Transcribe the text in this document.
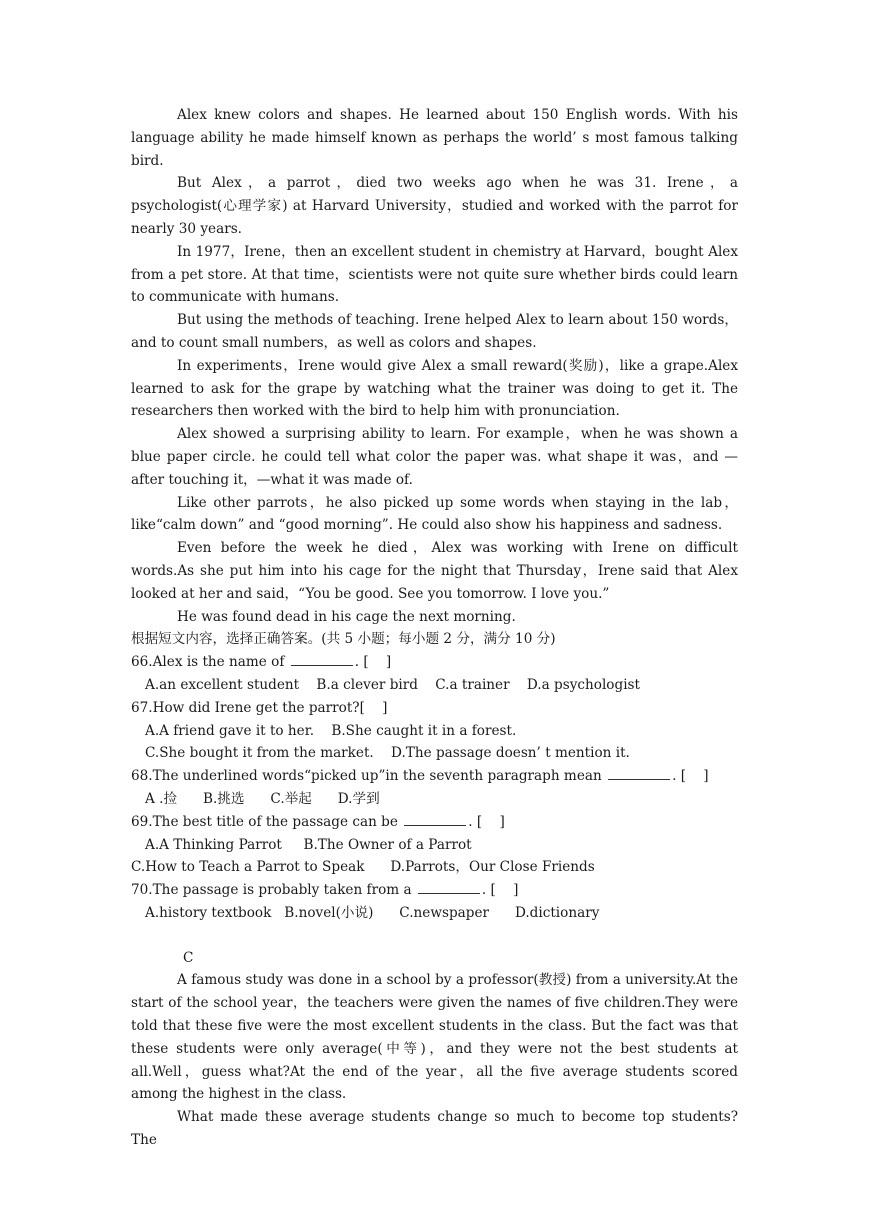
Alex knew colors and shapes. He learned about 150 English words. With his language ability he made himself known as perhaps the world’ s most famous talking bird.

But Alex，a parrot，died two weeks ago when he was 31. Irene，a psychologist(心理学家) at Harvard University，studied and worked with the parrot for nearly 30 years.

In 1977，Irene，then an excellent student in chemistry at Harvard，bought Alex from a pet store. At that time，scientists were not quite sure whether birds could learn to communicate with humans.

But using the methods of teaching. Irene helped Alex to learn about 150 words，and to count small numbers，as well as colors and shapes.

In experiments，Irene would give Alex a small reward(奖励)，like a grape.Alex learned to ask for the grape by watching what the trainer was doing to get it. The researchers then worked with the bird to help him with pronunciation.

Alex showed a surprising ability to learn. For example，when he was shown a blue paper circle. he could tell what color the paper was. what shape it was，and —after touching it，—what it was made of.

Like other parrots，he also picked up some words when staying in the lab，like“calm down” and “good morning”. He could also show his happiness and sadness.

Even before the week he died，Alex was working with Irene on difficult words.As she put him into his cage for the night that Thursday，Irene said that Alex looked at her and said，“You be good. See you tomorrow. I love you.”

He was found dead in his cage the next morning.

根据短文内容，选择正确答案。(共 5 小题；每小题 2 分，满分 10 分)

66.Alex is the name of	. [    ]

A.an excellent student    B.a clever bird    C.a trainer    D.a psychologist

67.How did Irene get the parrot?[    ]

A.A friend gave it to her.    B.She caught it in a forest.

C.She bought it from the market.    D.The passage doesn’ t mention it.

68.The underlined words“picked up”in the seventh paragraph mean	. [    ]

A .捡      B.挑选      C.举起      D.学到

69.The best title of the passage can be	. [    ]

A.A Thinking Parrot     B.The Owner of a Parrot

C.How to Teach a Parrot to Speak      D.Parrots，Our Close Friends

70.The passage is probably taken from a	. [    ]

A.history textbook   B.novel(小说)      C.newspaper      D.dictionary

C

A famous study was done in a school by a professor(教授) from a university.At the start of the school year，the teachers were given the names of five children.They were told that these five were the most excellent students in the class. But the fact was that these students were only average(中等)，and they were not the best students at all.Well，guess what?At the end of the year，all the five average students scored among the highest in the class.

What made these average students change so much to become top students? The
